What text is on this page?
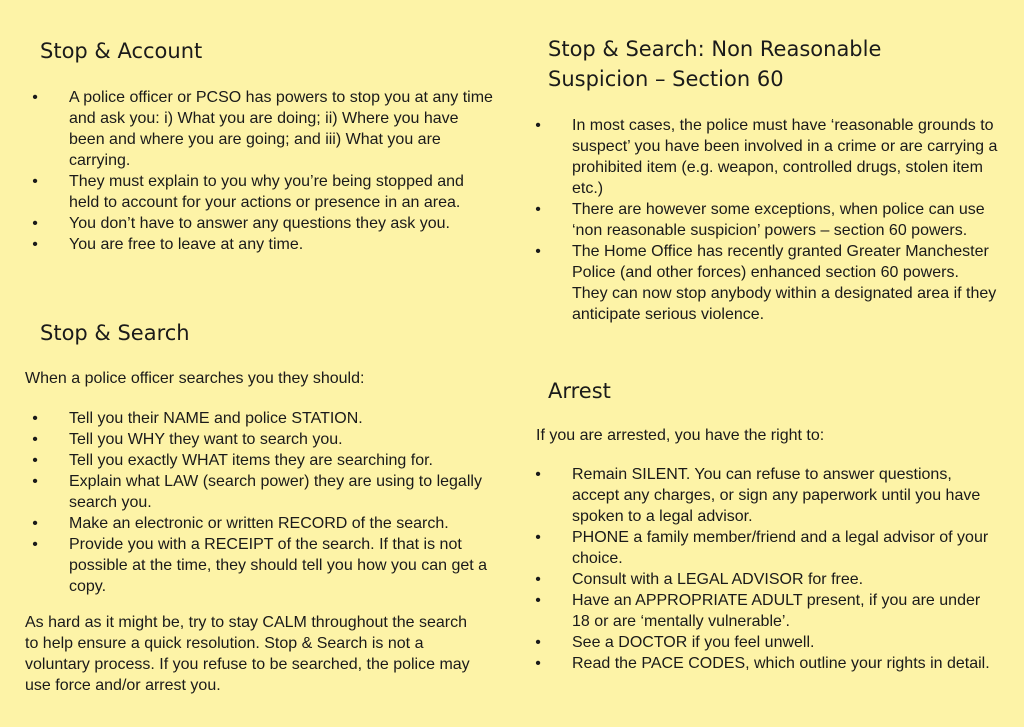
Stop & Account
•	A police officer or PCSO has powers to stop you at any time and ask you: i) What you are doing; ii) Where you have been and where you are going; and iii) What you are carrying.
•	They must explain to you why you’re being stopped and held to account for your actions or presence in an area.
•	You don’t have to answer any questions they ask you.
•	You are free to leave at any time.
Stop & Search

When a police officer searches you they should:

•	Tell you their NAME and police STATION.
•	Tell you WHY they want to search you.
•	Tell you exactly WHAT items they are searching for.
•	Explain what LAW (search power) they are using to legally search you.
•	Make an electronic or written RECORD of the search.
•	Provide you with a RECEIPT of the search. If that is not possible at the time, they should tell you how you can get a copy.

As hard as it might be, try to stay CALM throughout the search to help ensure a quick resolution. Stop & Search is not a voluntary process. If you refuse to be searched, the police may use force and/or arrest you.

Stop & Search: Non Reasonable Suspicion – Section 60
•	In most cases, the police must have ‘reasonable grounds to suspect’ you have been involved in a crime or are carrying a prohibited item (e.g. weapon, controlled drugs, stolen item etc.)
•	There are however some exceptions, when police can use ‘non reasonable suspicion’ powers – section 60 powers.
•	The Home Office has recently granted Greater Manchester Police (and other forces) enhanced section 60 powers. They can now stop anybody within a designated area if they anticipate serious violence.
Arrest

If you are arrested, you have the right to:

•	Remain SILENT. You can refuse to answer questions, accept any charges, or sign any paperwork until you have spoken to a legal advisor.
•	PHONE a family member/friend and a legal advisor of your choice.
•	Consult with a LEGAL ADVISOR for free.
•	Have an APPROPRIATE ADULT present, if you are under 18 or are ‘mentally vulnerable’.
•	See a DOCTOR if you feel unwell.
•	Read the PACE CODES, which outline your rights in detail.
